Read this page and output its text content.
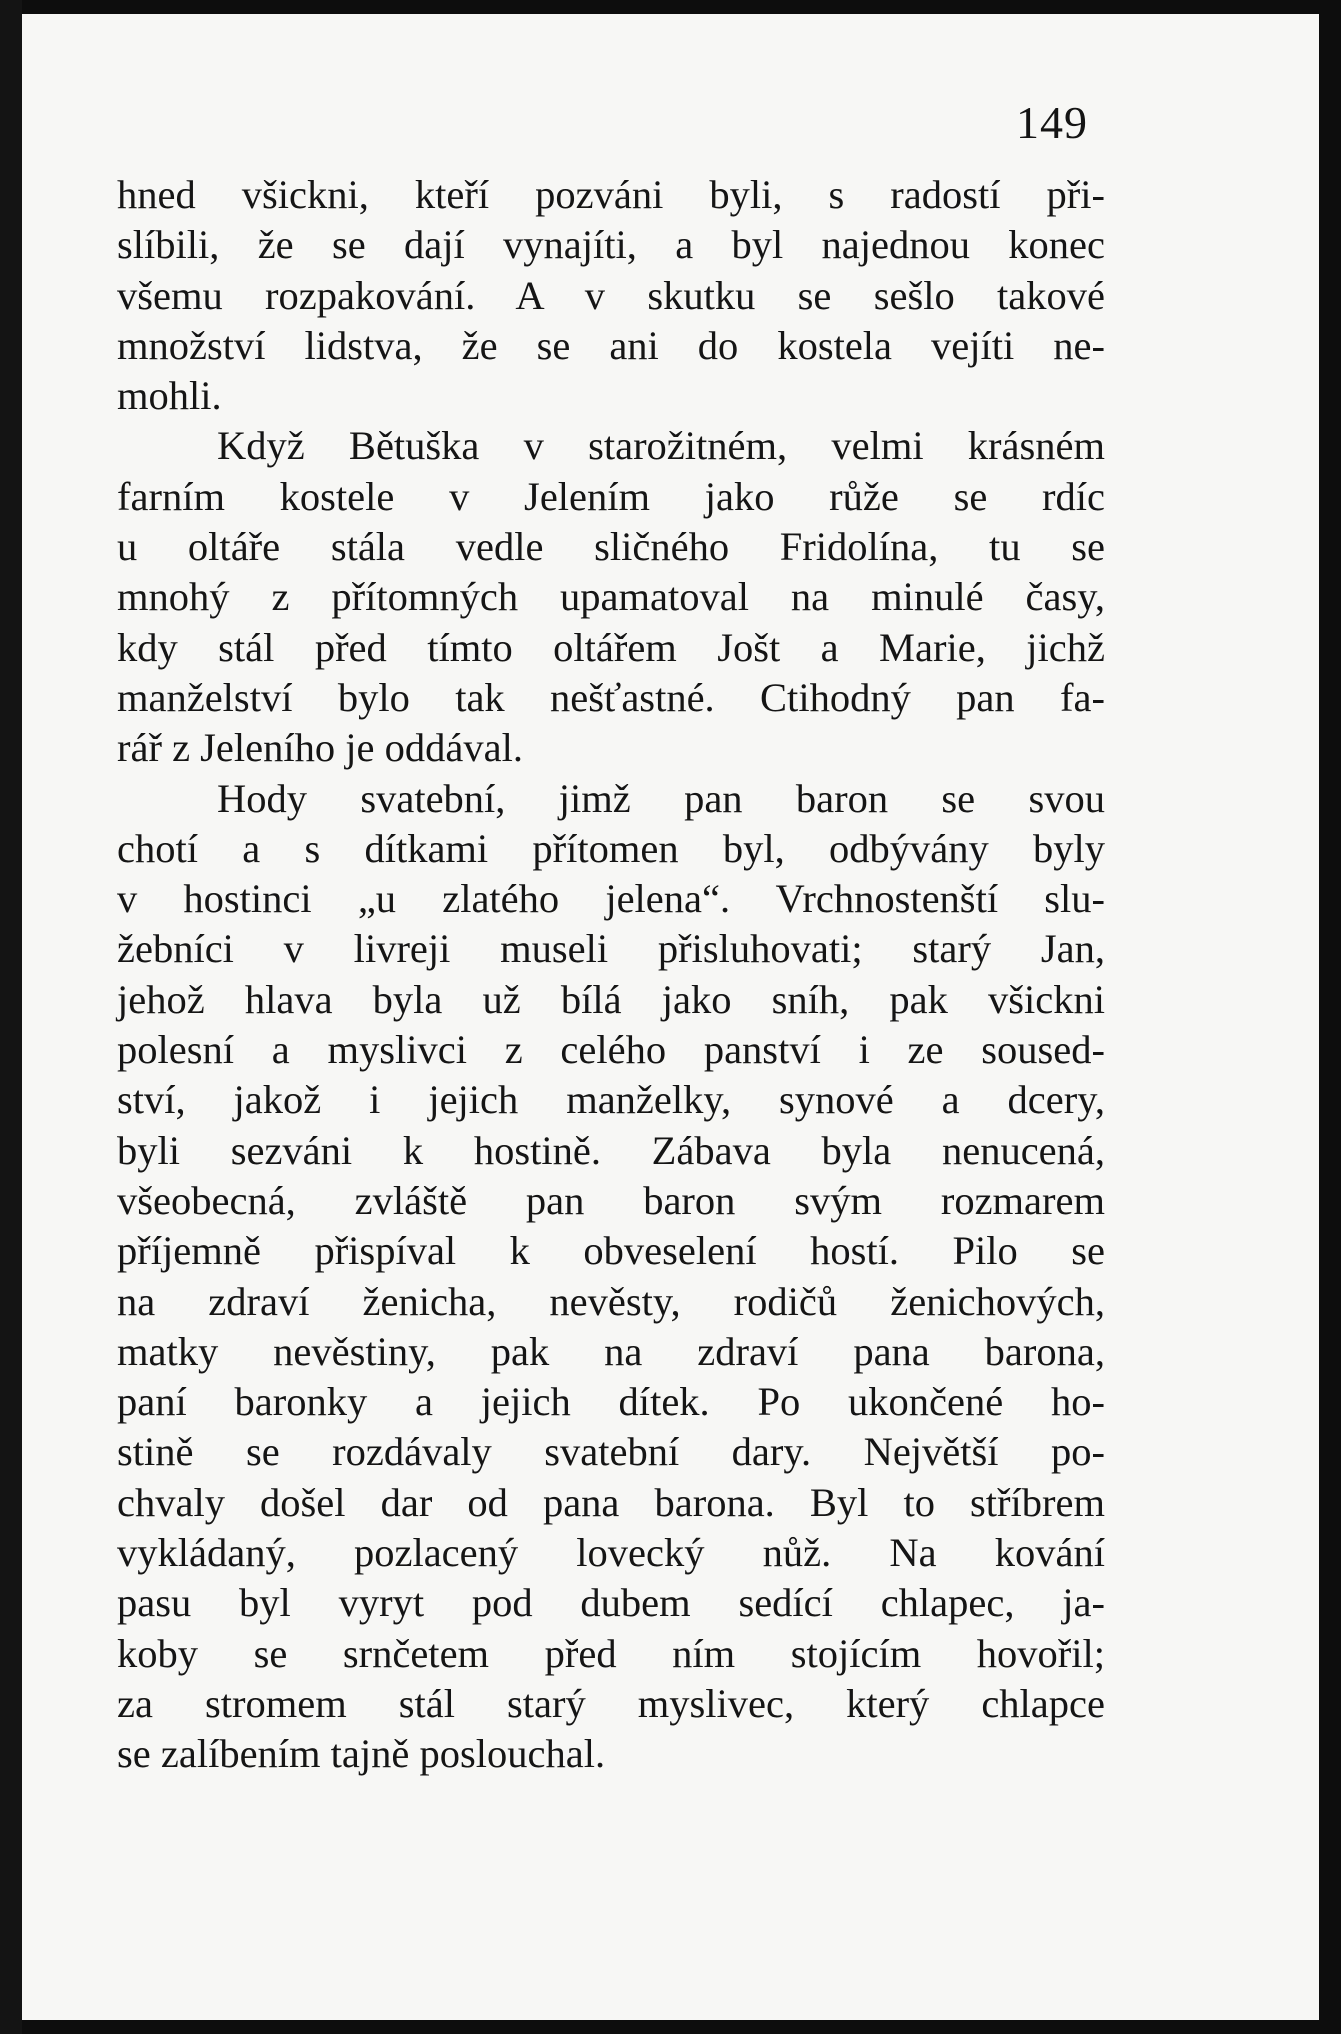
149
hned všickni, kteří pozváni byli, s radostí při-
slíbili, že se dají vynajíti, a byl najednou konec
všemu rozpakování. A v skutku se sešlo takové
množství lidstva, že se ani do kostela vejíti ne-
mohli.
Když Bětuška v starožitném, velmi krásném
farním kostele v Jelením jako růže se rdíc
u oltáře stála vedle sličného Fridolína, tu se
mnohý z přítomných upamatoval na minulé časy,
kdy stál před tímto oltářem Jošt a Marie, jichž
manželství bylo tak nešťastné. Ctihodný pan fa-
rář z Jeleního je oddával.
Hody svatební, jimž pan baron se svou
chotí a s dítkami přítomen byl, odbývány byly
v hostinci „u zlatého jelena“. Vrchnostenští slu-
žebníci v livreji museli přisluhovati; starý Jan,
jehož hlava byla už bílá jako sníh, pak všickni
polesní a myslivci z celého panství i ze soused-
ství, jakož i jejich manželky, synové a dcery,
byli sezváni k hostině. Zábava byla nenucená,
všeobecná, zvláště pan baron svým rozmarem
příjemně přispíval k obveselení hostí. Pilo se
na zdraví ženicha, nevěsty, rodičů ženichových,
matky nevěstiny, pak na zdraví pana barona,
paní baronky a jejich dítek. Po ukončené ho-
stině se rozdávaly svatební dary. Největší po-
chvaly došel dar od pana barona. Byl to stříbrem
vykládaný, pozlacený lovecký nůž. Na kování
pasu byl vyryt pod dubem sedící chlapec, ja-
koby se srnčetem před ním stojícím hovořil;
za stromem stál starý myslivec, který chlapce
se zalíbením tajně poslouchal.
